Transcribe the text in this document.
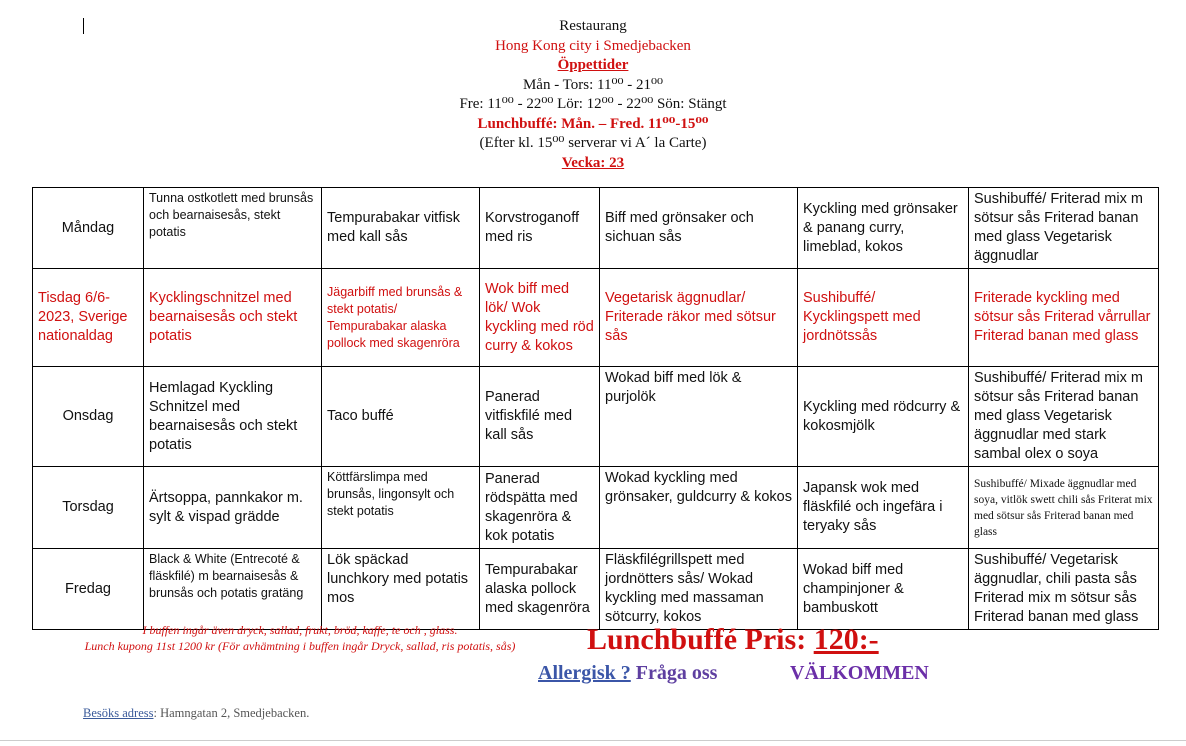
Restaurang
Hong Kong city i Smedjebacken
Öppettider
Mån - Tors: 11⁰⁰ - 21⁰⁰
Fre: 11⁰⁰ - 22⁰⁰ Lör: 12⁰⁰ - 22⁰⁰ Sön: Stängt
Lunchbuffé: Mån. – Fred. 11⁰⁰-15⁰⁰
(Efter kl. 15⁰⁰ serverar vi A´ la Carte)
Vecka: 23
Måndag	Tunna ostkotlett med brunsås och bearnaisesås, stekt potatis	Tempurabakar vitfisk med kall sås	Korvstroganoff med ris	Biff med grönsaker och sichuan sås	Kyckling med grönsaker & panang curry, limeblad, kokos	Sushibuffé/ Friterad mix m sötsur sås Friterad banan med glass Vegetarisk äggnudlar
Tisdag 6/6-2023, Sverige nationaldag	Kycklingschnitzel med bearnaisesås och stekt potatis	Jägarbiff med brunsås & stekt potatis/ Tempurabakar alaska pollock med skagenröra	Wok biff med lök/ Wok kyckling med röd curry & kokos	Vegetarisk äggnudlar/ Friterade räkor med sötsur sås	Sushibuffé/ Kycklingspett med jordnötssås	Friterade kyckling med sötsur sås Friterad vårrullar Friterad banan med glass
Onsdag	Hemlagad Kyckling Schnitzel med bearnaisesås och stekt potatis	Taco buffé	Panerad vitfiskfilé med kall sås	Wokad biff med lök & purjolök	Kyckling med rödcurry & kokosmjölk	Sushibuffé/ Friterad mix m sötsur sås Friterad banan med glass Vegetarisk äggnudlar med stark sambal olex o soya
Torsdag	Ärtsoppa, pannkakor m. sylt & vispad grädde	Köttfärslimpa med brunsås, lingonsylt och stekt potatis	Panerad rödspätta med skagenröra & kok potatis	Wokad kyckling med grönsaker, guldcurry & kokos	Japansk wok med fläskfilé och ingefära i teryaky sås	Sushibuffé/ Mixade äggnudlar med soya, vitlök swett chili sås Friterat mix med sötsur sås Friterad banan med glass
Fredag	Black & White (Entrecoté & fläskfilé) m bearnaisesås & brunsås och potatis gratäng	Lök späckad lunchkory med potatis mos	Tempurabakar alaska pollock med skagenröra	Fläskfilégrillspett med jordnötters sås/ Wokad kyckling med massaman sötcurry, kokos	Wokad biff med champinjoner & bambuskott	Sushibuffé/ Vegetarisk äggnudlar, chili pasta sås Friterad mix m sötsur sås Friterad banan med glass
I buffen ingår även dryck, sallad, frukt, bröd, kaffe, te och , glass.
Lunch kupong 11st 1200 kr (För avhämtning i buffen ingår Dryck, sallad, ris potatis, sås)	Lunchbuffé Pris: 120:-
Allergisk ? Fråga oss	VÄLKOMMEN
Besöks adress: Hamngatan 2, Smedjebacken.
